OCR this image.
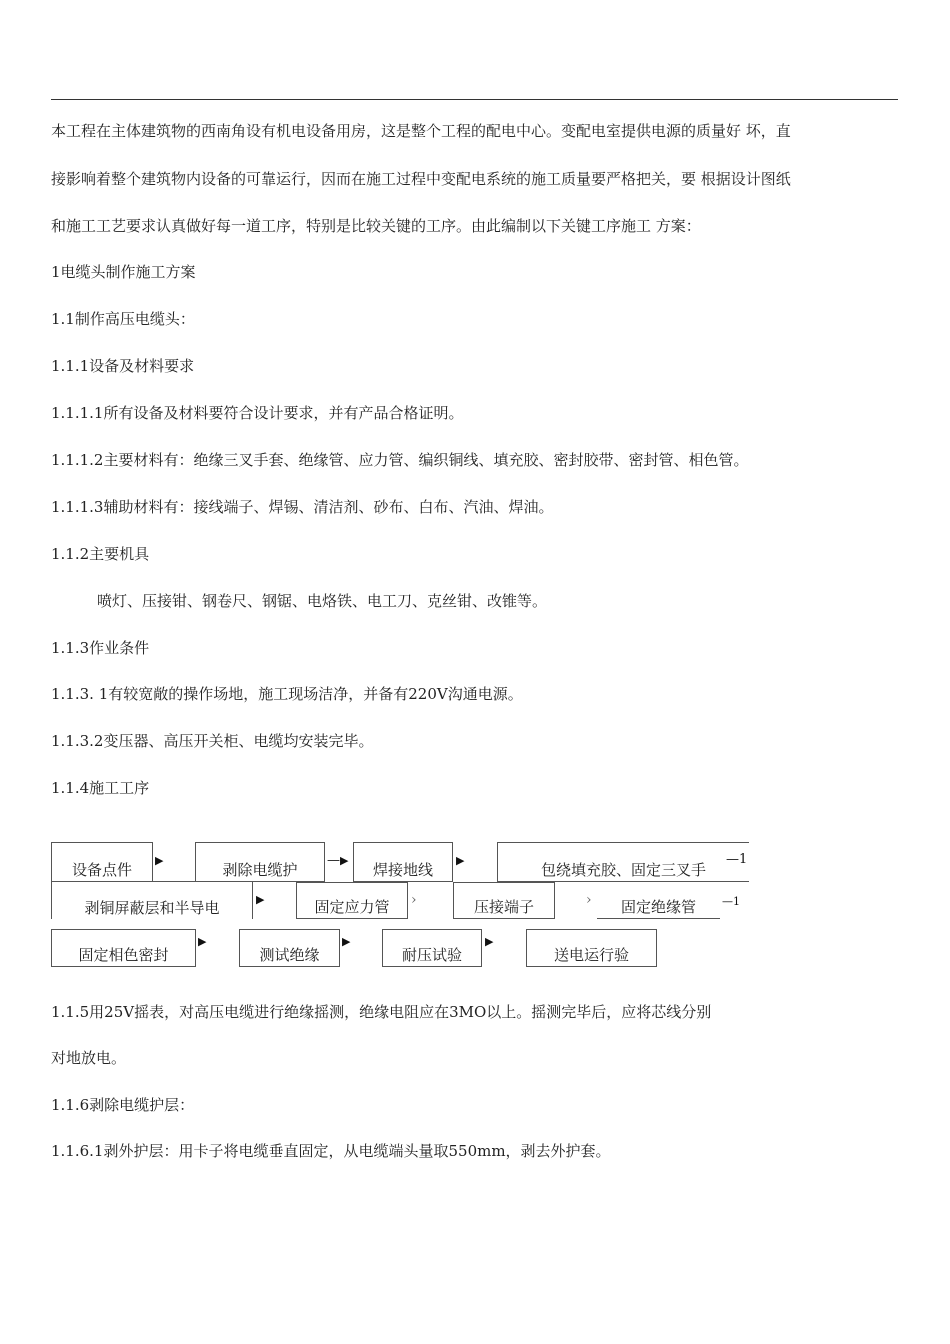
本工程在主体建筑物的西南角设有机电设备用房，这是整个工程的配电中心。变配电室提供电源的质量好 坏，直
接影响着整个建筑物内设备的可靠运行，因而在施工过程中变配电系统的施工质量要严格把关，要 根据设计图纸
和施工工艺要求认真做好每一道工序，特别是比较关键的工序。由此编制以下关键工序施工 方案：
1电缆头制作施工方案
1.1制作高压电缆头：
1.1.1设备及材料要求
1.1.1.1所有设备及材料要符合设计要求，并有产品合格证明。
1.1.1.2主要材料有：绝缘三叉手套、绝缘管、应力管、编织铜线、填充胶、密封胶带、密封管、相色管。
1.1.1.3辅助材料有：接线端子、焊锡、清洁剂、砂布、白布、汽油、焊油。
1.1.2主要机具
喷灯、压接钳、钢卷尺、钢锯、电烙铁、电工刀、克丝钳、改锥等。
1.1.3作业条件
1.1.3. 1有较宽敞的操作场地，施工现场洁净，并备有220V沟通电源。
1.1.3.2变压器、高压开关柜、电缆均安装完毕。
1.1.4施工工序
设备点件
▶
剥除电缆护
—▶
焊接地线
▶
包绕填充胶、固定三叉手
—1
剥铜屏蔽层和半导电	▶	固定应力管	›	压接端子	›	固定绝缘管	—1
固定相色密封
▶
测试绝缘
▶
耐压试验
▶
送电运行验
1.1.5用25V摇表，对高压电缆进行绝缘摇测，绝缘电阻应在3MO以上。摇测完毕后，应将芯线分别
对地放电。
1.1.6剥除电缆护层：
1.1.6.1剥外护层：用卡子将电缆垂直固定，从电缆端头量取550mm，剥去外护套。
